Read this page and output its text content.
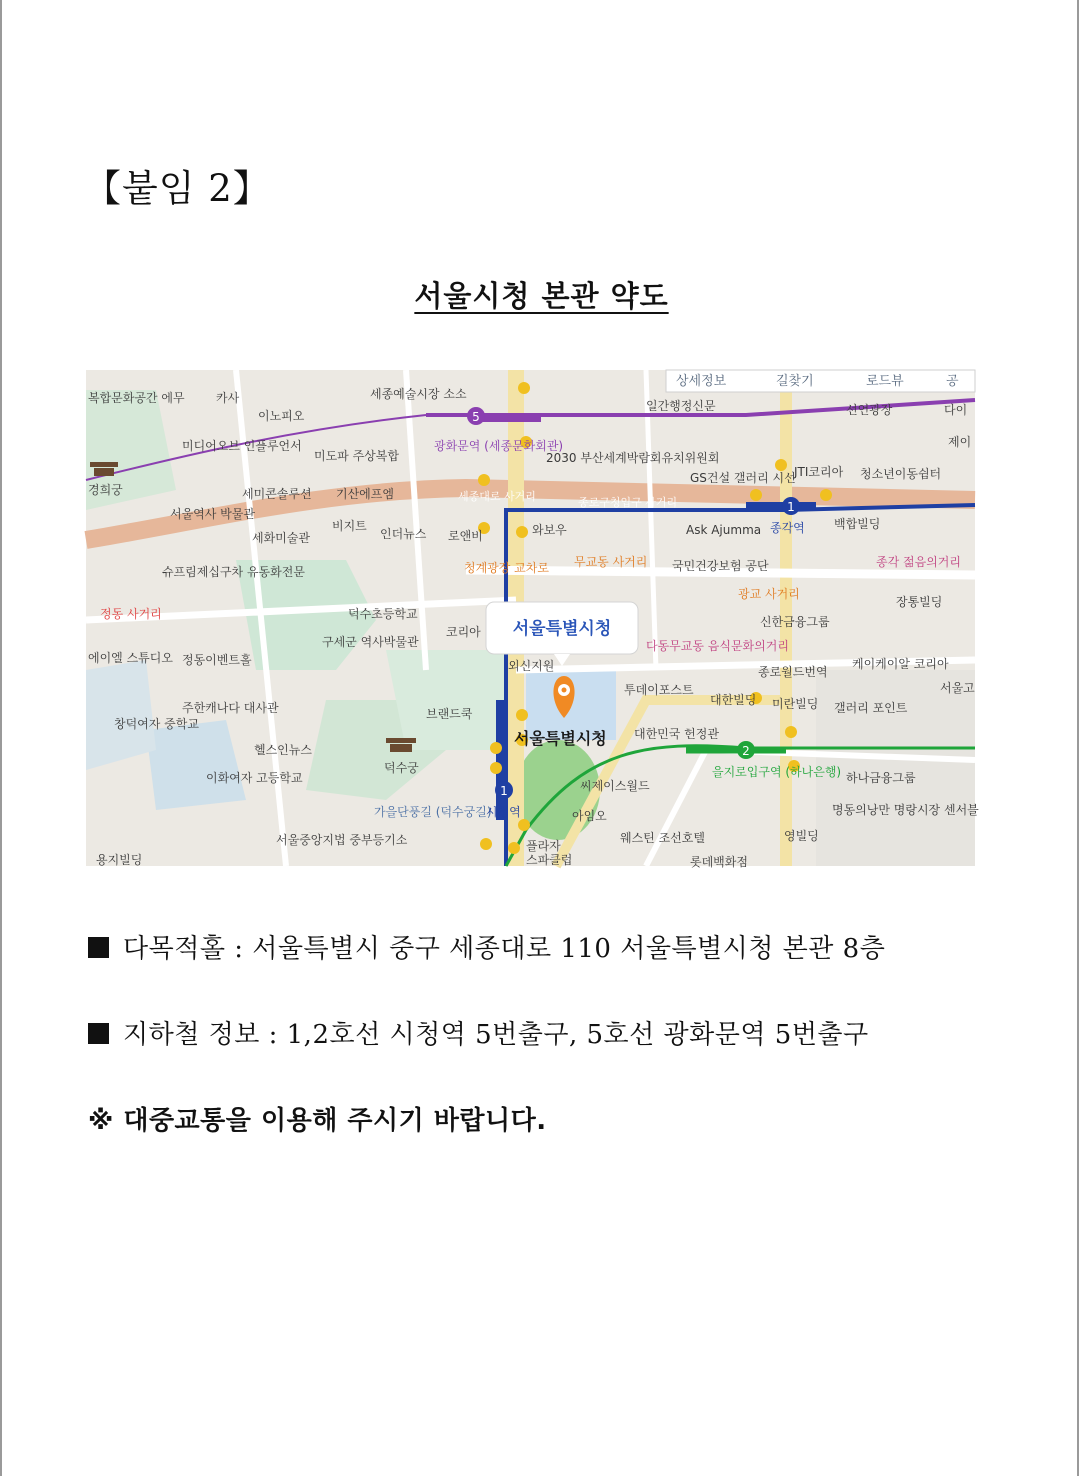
【붙임 2】
서울시청 본관 약도
5
1
1
2
상세정보	길찾기	로드뷰	공
복합문화공간 에무	카사
이노피오
세종예술시장 소소
광화문역 (세종문화회관)
2030 부산세계박람회유치위원회
일간행정신문	선언광장	다이
제이
미디어오브 인플루언서
미도파 주상복합
GS건설 갤러리 시선
JTI코리아 청소년이동쉼터
경희궁	세미콘솔루션 기산에프엠	세종대로 사거리	종로구청입구 사거리
백합빌딩
서울역사 박물관
세화미술관
비지트
인더뉴스 로앤비	와보우	Ask Ajumma 종각역
종각 젊음의거리
슈프림제십구차 유동화전문	청계광장 교차로 무교동 사거리 국민건강보험 공단
광교 사거리
장통빌딩
정동 사거리	덕수초등학교
코리아
신한금융그룹
구세군 역사박물관	다동무교동 음식문화의거리
에이엘 스튜디오 정동이벤트홀	외신지원	종로월드번역
케이케이알 코리아
서울고
투데이포스트
대한빌딩 미란빌딩 갤러리 포인트
창덕여자 중학교
주한캐나다 대사관	브랜드쿡
대한민국 헌정관
헬스인뉴스
덕수궁	을지로입구역 (하나은행) 하나금융그룹
이화여자 고등학교
씨제이스월드
가을단풍길 (덕수궁길)	아임오	명동의낭만 명랑시장 센서블
시청역
웨스틴 조선호텔	영빌딩
서울중앙지법 중부등기소	플라자
스파클럽
용지빌딩	롯데백화점
서울특별시청
서울특별시청
다목적홀 : 서울특별시 중구 세종대로 110 서울특별시청 본관 8층
지하철 정보 : 1,2호선 시청역 5번출구, 5호선 광화문역 5번출구
※ 대중교통을 이용해 주시기 바랍니다.
